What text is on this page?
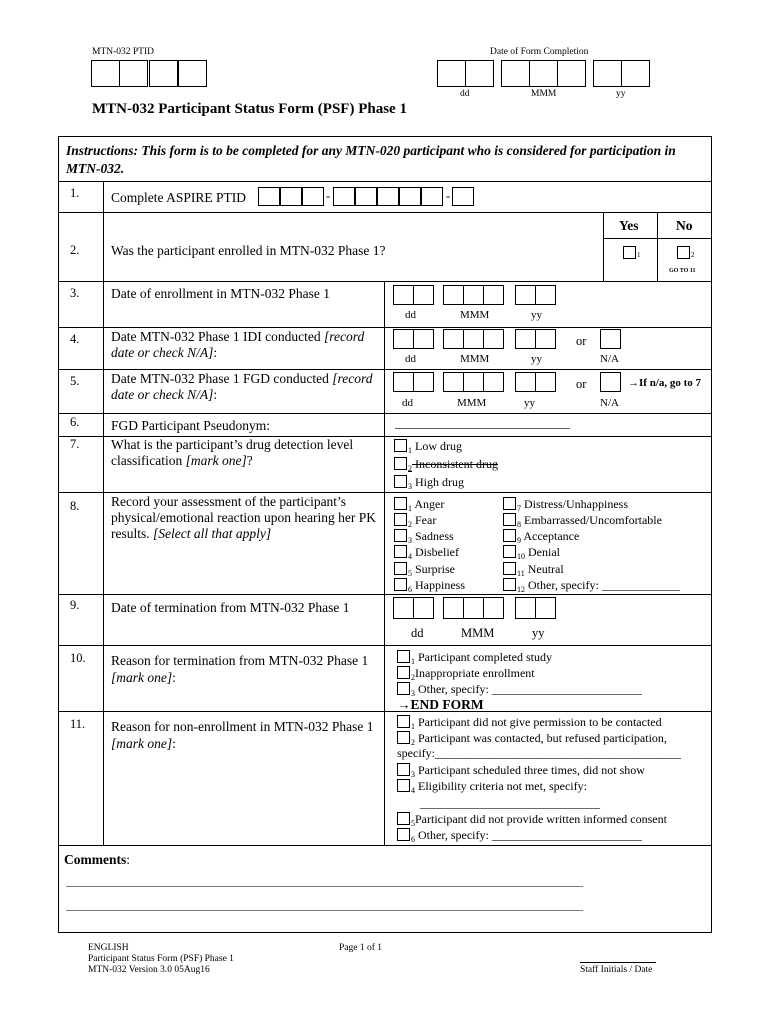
MTN-032 PTID	Date of Form Completion
dd	MMM	yy
MTN-032 Participant Status Form (PSF) Phase 1
Instructions: This form is to be completed for any MTN-020 participant who is considered for participation in MTN-032.
1. Complete ASPIRE PTID	-	-
Yes	No
2. Was the participant enrolled in MTN-032 Phase 1?	1	2
GO TO 11
3. Date of enrollment in MTN-032 Phase 1
dd	MMM	yy
4. Date MTN-032 Phase 1 IDI conducted [record date or check N/A]:
or
dd	MMM	yy	N/A
5. Date MTN-032 Phase 1 FGD conducted [record date or check N/A]:
or	→If n/a, go to 7
dd	MMM	yy	N/A
6. FGD Participant Pseudonym:	____________________________
7. What is the participant’s drug detection level classification [mark one]?
$_1$ Low drug
$_2$ Inconsistent drug
$_3$ High drug
8. Record your assessment of the participant’s physical/emotional reaction upon hearing her PK results. [Select all that apply]
$_1$ Anger
$_2$ Fear
$_3$ Sadness
$_4$ Disbelief
$_5$ Surprise
$_6$ Happiness
$_7$ Distress/Unhappiness
$_8$ Embarrassed/Uncomfortable
$_9$ Acceptance
$_{10}$ Denial
$_{11}$ Neutral
$_{12}$ Other, specify: _____________
9. Date of termination from MTN-032 Phase 1
dd	MMM	yy
10. Reason for termination from MTN-032 Phase 1 [mark one]:
$_1$ Participant completed study
$_2$Inappropriate enrollment
$_3$ Other, specify: _________________________
→END FORM
11. Reason for non-enrollment in MTN-032 Phase 1 [mark one]:
$_1$ Participant did not give permission to be contacted
$_2$ Participant was contacted, but refused participation,
specify:_________________________________________
$_3$ Participant scheduled three times, did not show
$_4$ Eligibility criteria not met, specify:
______________________________
$_5$Participant did not provide written informed consent
$_6$ Other, specify: _________________________
Comments:
______________________________________________________________________________________________
______________________________________________________________________________________________
ENGLISH
Participant Status Form (PSF) Phase 1
MTN-032 Version 3.0 05Aug16
Page 1 of 1
Staff Initials / Date
